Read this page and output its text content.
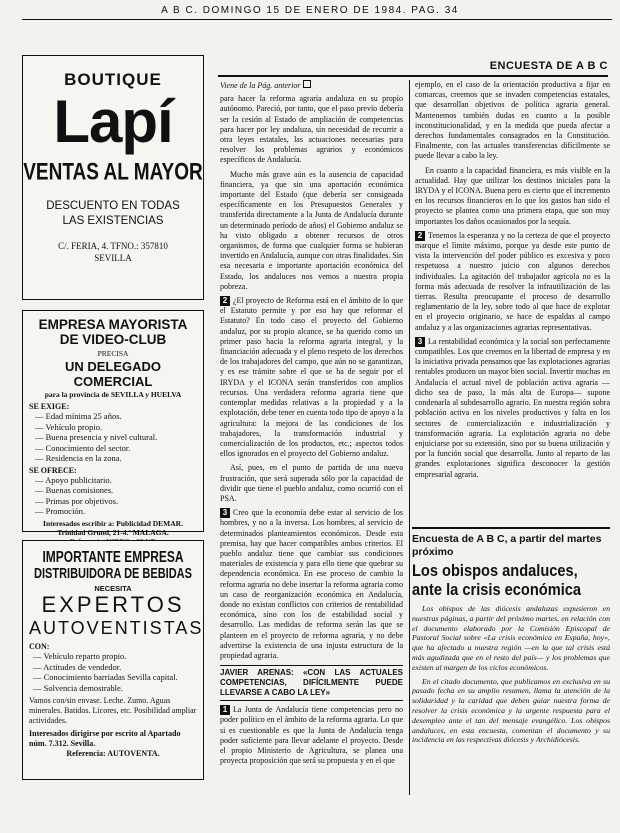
A B C. DOMINGO 15 DE ENERO DE 1984. PAG. 34
BOUTIQUE
Lapí
VENTAS AL MAYOR
DESCUENTO EN TODAS
LAS EXISTENCIAS
C/. FERIA, 4. TFNO.: 357810
SEVILLA
EMPRESA MAYORISTA
DE VIDEO-CLUB
PRECISA
UN DELEGADO COMERCIAL
para la provincia de SEVILLA y HUELVA
SE EXIGE:
— Edad mínima 25 años.
— Vehículo propio.
— Buena presencia y nivel cultural.
— Conocimiento del sector.
— Residencia en la zona.
SE OFRECE:
— Apoyo publicitario.
— Buenas comisiones.
— Primas por objetivos.
— Promoción.
Interesados escribir a: Publicidad DEMAR. Trinidad Grund, 21-4.º MALAGA.
IMPORTANTE EMPRESA
DISTRIBUIDORA DE BEBIDAS
NECESITA
EXPERTOS
AUTOVENTISTAS
CON:
— Vehículo reparto propio.
— Actitudes de vendedor.
— Conocimiento barriadas Sevilla capital.
— Solvencia demostrable.
Vamos con/sin envase. Leche. Zumo. Aguas minerales. Batidos. Licores, etc. Posibilidad ampliar actividades.
Interesados dirigirse por escrito al Apartado núm. 7.312. Sevilla.
Referencia: AUTOVENTA.
ENCUESTA DE A B C

Viene de la Pág. anterior

para hacer la reforma agraria andaluza en su propio autónomo. Pareció, por tanto, que el paso previo debería ser la cesión al Estado de ampliación de competencias para hacer por ley andaluza, sin necesidad de recurrir a otra leyes estatales, las actuaciones necesarias para resolver los problemas agrarios y económicos específicos de Andalucía.

Mucho más grave aún es la ausencia de capacidad financiera, ya que sin una aportación económica importante del Estado (que debería ser consignada específicamente en los Presupuestos Generales y transferida directamente a la Junta de Andalucía durante un determinado período de años) el Gobierno andaluz se ha visto obligado a obtener recursos de otros organismos, de forma que cualquier forma se hubieran invertido en Andalucía, aunque con otras finalidades. Sin esa necesaria e importante aportación económica del Estado, los andaluces nos vemos a nuestra propia pobreza.

2 ¿El proyecto de Reforma está en el ámbito de lo que el Estatuto permite y por eso hay que reformar el Estatuto? En todo caso el proyecto del Gobierno andaluz, por su propio alcance, se ha querido como un primer paso hacia la reforma agraria integral, y la financiación adecuada y el pleno respeto de los derechos de los trabajadores del campo, que aún no se garantizan, y es ese trámite sobre el que se ha de seguir por el IRYDA y el ICONA serán transferidos con amplios recursos. Una verdadera reforma agraria tiene que contemplar medidas relativas a la propiedad y a la explotación, debe tener en cuenta todo tipo de apoyo a la agricultura: la mejora de las condiciones de los trabajadores, la transformación industrial y comercialización de los productos, etc.; aspectos todos ellos ignorados en el proyecto del Gobierno andaluz.

Así, pues, en el punto de partida de una nueva frustración, que será superada sólo por la capacidad de dividir que tiene el pueblo andaluz, como ocurrió con el PSA.

3 Creo que la economía debe estar al servicio de los hombres, y no a la inversa. Los hombres, al servicio de determinados planteamientos económicos. Desde esta premisa, hay que hacer compatibles ambos criterios. El pueblo andaluz tiene que cambiar sus condiciones materiales de existencia y para ello tiene que quebrar su dependencia económica. En ese proceso de cambio la reforma agraria no debe insertar la reforma agraria como un caso de reorganización económica en Andalucía, donde no existan conflictos con criterios de rentabilidad económica, sino con los de estabilidad social y desarrollo. Las medidas de reforma serán las que se planteen en el proyecto de reforma agraria, y no debe advertirse la existencia de una injusta estructura de la propiedad agraria.

JAVIER ARENAS: «CON LAS ACTUALES COMPETENCIAS, DIFÍCILMENTE PUEDE LLEVARSE A CABO LA LEY»

1 La Junta de Andalucía tiene competencias pero no poder político en el ámbito de la reforma agraria. Lo que si es cuestionable es que la Junta de Andalucía tenga poder suficiente para llevar adelante el proyecto. Desde el propio Ministerio de Agricultura, se planea una proyecta proposición que será su propuesta y en el que

ejemplo, en el caso de la orientación productiva a fijar en comarcas, creemos que se invaden competencias estatales, que desarrollan objetivos de política agraria general. Mantenemos también dudas en cuanto a la posible inconstitucionalidad, y en la medida que pueda afectar a derechos fundamentales consagrados en la Constitución. Finalmente, con las actuales transferencias difícilmente se puede llevar a cabo la ley.

En cuanto a la capacidad financiera, es más visible en la actualidad. Hay que utilizar los destinos iniciales para la IRYDA y el ICONA. Buena pero es cierto que el incremento en los recursos financieros en lo que los gastos han sido el proyecto se plantea como una primera etapa, que son muy importantes los daños ocasionados por la sequía.

2 Tenemos la esperanza y no la certeza de que el proyecto marque el límite máximo, porque ya desde este punto de vista la intervención del poder público es excesiva y poco respetuosa a nuestro juicio con algunos derechos individuales. La agitación del trabajador agrícola no es la forma más adecuada de resolver la infrautilización de las tierras. Resulta preocupante el proceso de desarrollo reglamentario de la ley, sobre todo al que hace de explotar en el proyecto originario, se hace de espaldas al campo andaluz y a las organizaciones agrarias representativas.

3 La rentabilidad económica y la social son perfectamente compatibles. Los que creemos en la libertad de empresa y en la iniciativa privada pensamos que las explotaciones agrarias rentables producen un mayor bien social. Invertir muchas en Andalucía el actual nivel de población activa agraria —dicho sea de paso, la más alta de Europa— supone condenarla al subdesarrollo agrario. En nuestra región sobra población activa en los niveles productivos y falta en los sectores de comercialización e industrialización y transformación agraria. La explotación agraria no debe enjuiciarse por su extensión, sino por su buena utilización y por la función social que desarrolla. Junto al reparto de las grandes explotaciones significa desconocer la gestión empresarial agraria.

Encuesta de A B C, a partir del martes próximo
Los obispos andaluces,
ante la crisis económica

Los obispos de las diócesis andaluzas expusieron en nuestras páginas, a partir del próximo martes, en relación con el documento elaborado por la Comisión Episcopal de Pastoral Social sobre «La crisis económica en España, hoy», que ha afectado a nuestra región —en la que tal crisis está más agudizada que en el resto del país— y los problemas que existen al margen de los ciclos económicos.

En el citado documento, que publicamos en exclusiva en su pasado fecha en su amplio resumen, llama la atención de la solidaridad y la caridad que deben guiar nuestra forma de resolver la crisis económica y la urgente respuesta para el desempleo ante el tan del mensaje evangélico. Los obispos andaluces, en esta encuesta, comentan el documento y su incidencia en las respectivas diócesis y Archidiócesis.
